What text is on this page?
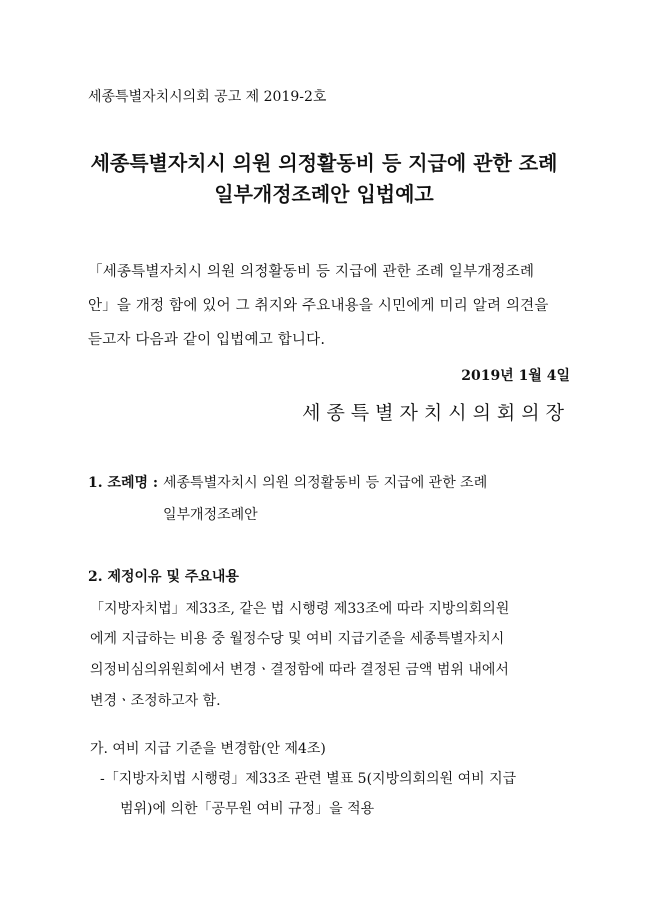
세종특별자치시의회 공고 제 2019-2호
세종특별자치시 의원 의정활동비 등 지급에 관한 조례
일부개정조례안 입법예고
「세종특별자치시 의원 의정활동비 등 지급에 관한 조례 일부개정조례
안」을 개정 함에 있어 그 취지와 주요내용을 시민에게 미리 알려 의견을
듣고자 다음과 같이 입법예고 합니다.
2019년 1월 4일
세종특별자치시의회의장
1. 조례명 : 세종특별자치시 의원 의정활동비 등 지급에 관한 조례
일부개정조례안
2. 제정이유 및 주요내용
「지방자치법」제33조, 같은 법 시행령 제33조에 따라 지방의회의원
에게 지급하는 비용 중 월정수당 및 여비 지급기준을 세종특별자치시
의정비심의위원회에서 변경ㆍ결정함에 따라 결정된 금액 범위 내에서
변경ㆍ조정하고자 함.
가. 여비 지급 기준을 변경함(안 제4조)
-「지방자치법 시행령」제33조 관련 별표 5(지방의회의원 여비 지급
범위)에 의한「공무원 여비 규정」을 적용
